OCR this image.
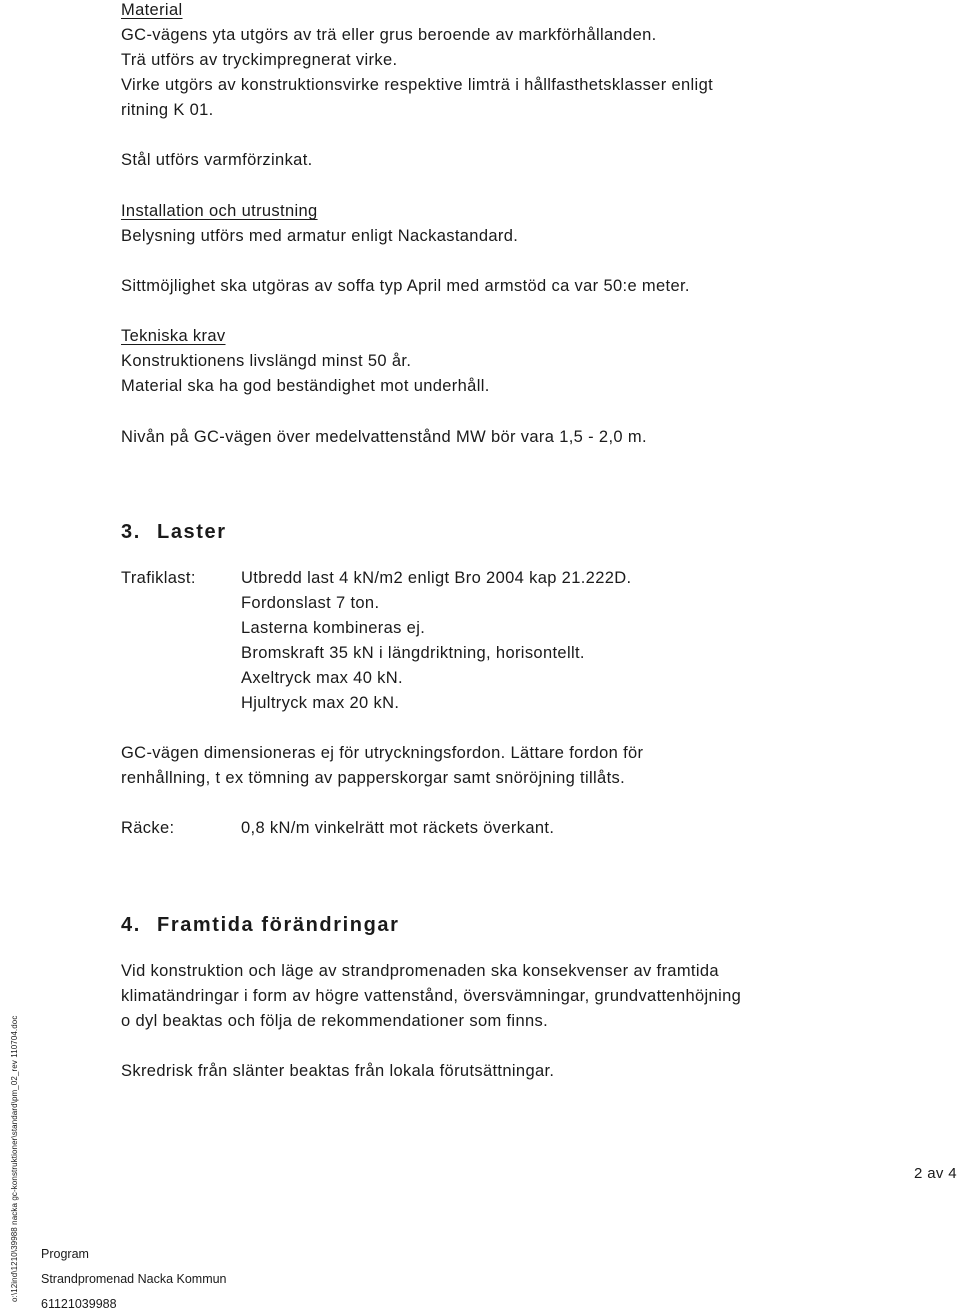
Material
GC-vägens yta utgörs av trä eller grus beroende av markförhållanden.
Trä utförs av tryckimpregnerat virke.
Virke utgörs av konstruktionsvirke respektive limträ i hållfasthetsklasser enligt
ritning K 01.
Stål utförs varmförzinkat.
Installation och utrustning
Belysning utförs med armatur enligt Nackastandard.
Sittmöjlighet ska utgöras av soffa typ April med armstöd ca var 50:e meter.
Tekniska krav
Konstruktionens livslängd minst 50 år.
Material ska ha god beständighet mot underhåll.
Nivån på GC-vägen över medelvattenstånd MW bör vara 1,5 - 2,0 m.
3. Laster
Trafiklast:	Utbredd last 4 kN/m2 enligt Bro 2004 kap 21.222D.
Fordonslast 7 ton.
Lasterna kombineras ej.
Bromskraft 35 kN i längdriktning, horisontellt.
Axeltryck max 40 kN.
Hjultryck max 20 kN.
GC-vägen dimensioneras ej för utryckningsfordon. Lättare fordon för
renhållning, t ex tömning av papperskorgar samt snöröjning tillåts.
Räcke:	0,8 kN/m vinkelrätt mot räckets överkant.
4. Framtida förändringar
Vid konstruktion och läge av strandpromenaden ska konsekvenser av framtida
klimatändringar i form av högre vattenstånd, översvämningar, grundvattenhöjning
o dyl beaktas och följa de rekommendationer som finns.
Skredrisk från slänter beaktas från lokala förutsättningar.
2 av 4
Program
Strandpromenad Nacka Kommun
61121039988
o:\12ind\1210\39988 nacka gc-konstruktioner\standard\pm_02_rev 110704.doc
